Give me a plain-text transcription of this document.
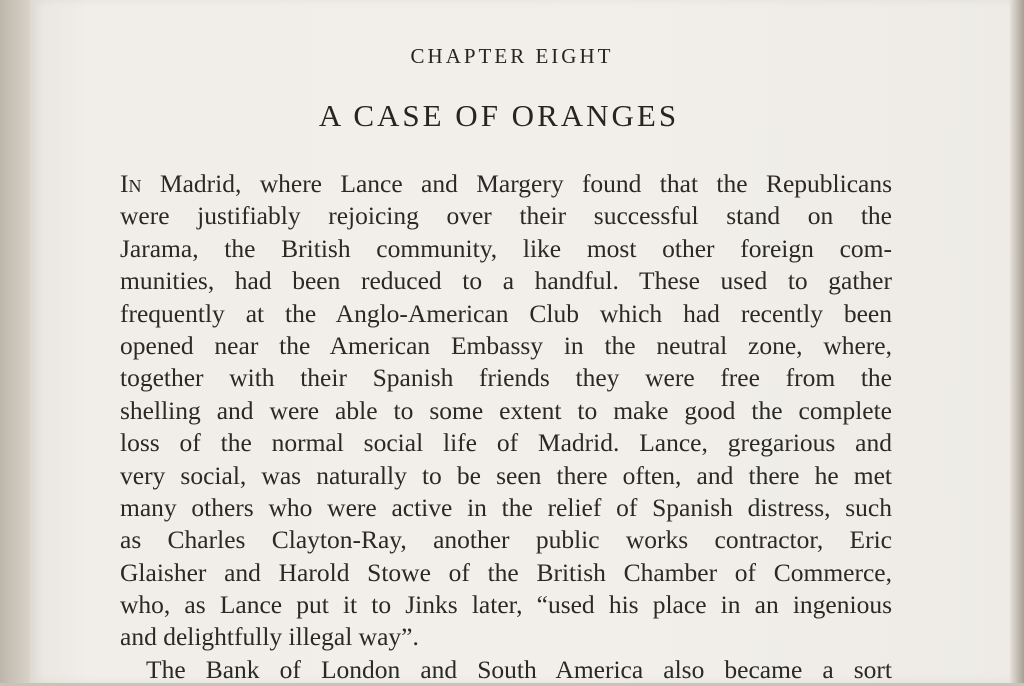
CHAPTER EIGHT
A CASE OF ORANGES
In Madrid, where Lance and Margery found that the Republicans
were justifiably rejoicing over their successful stand on the
Jarama, the British community, like most other foreign com-
munities, had been reduced to a handful. These used to gather
frequently at the Anglo-American Club which had recently been
opened near the American Embassy in the neutral zone, where,
together with their Spanish friends they were free from the
shelling and were able to some extent to make good the complete
loss of the normal social life of Madrid. Lance, gregarious and
very social, was naturally to be seen there often, and there he met
many others who were active in the relief of Spanish distress, such
as Charles Clayton-Ray, another public works contractor, Eric
Glaisher and Harold Stowe of the British Chamber of Commerce,
who, as Lance put it to Jinks later, “used his place in an ingenious
and delightfully illegal way”.
The Bank of London and South America also became a sort
